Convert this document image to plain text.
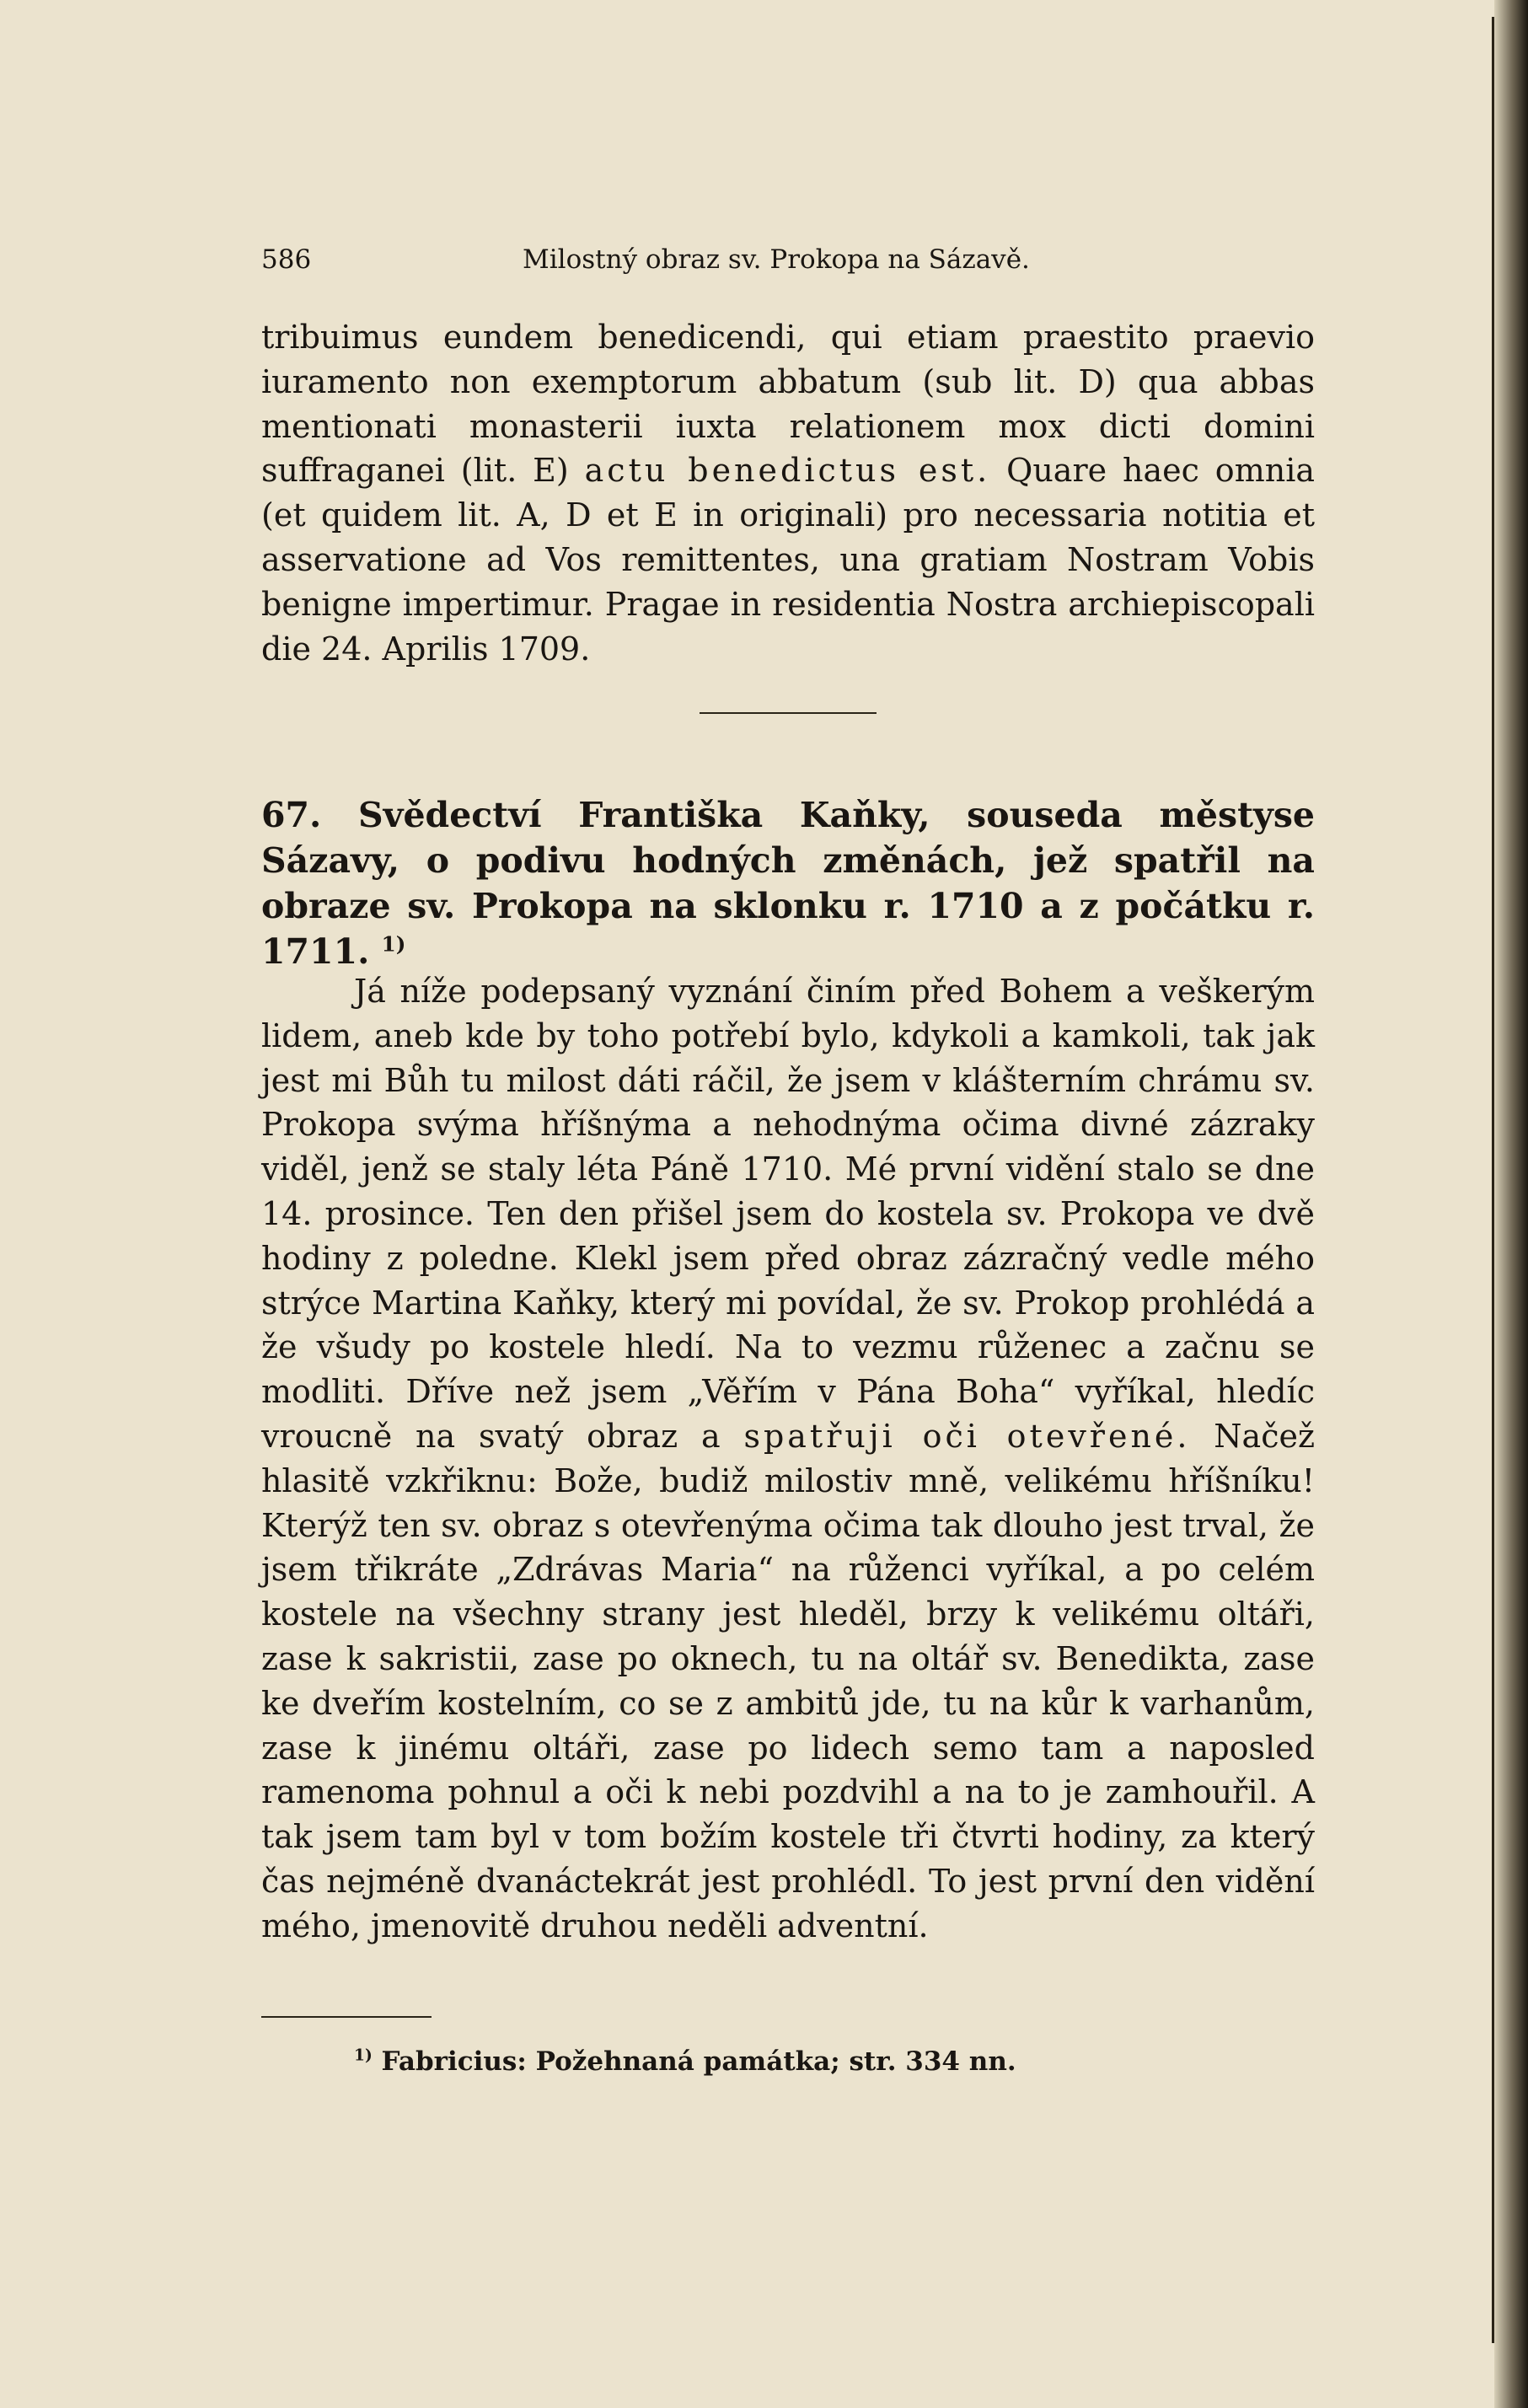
586	Milostný obraz sv. Prokopa na Sázavě.

tribuimus eundem benedicendi, qui etiam praestito praevio iuramento non exemptorum abbatum (sub lit. D) qua abbas mentionati monasterii iuxta relationem mox dicti domini suffraganei (lit. E) actu benedictus est. Quare haec omnia (et quidem lit. A, D et E in originali) pro necessaria notitia et asservatione ad Vos remittentes, una gratiam Nostram Vobis benigne impertimur. Pragae in residentia Nostra archiepiscopali die 24. Aprilis 1709.

67. Svědectví Františka Kaňky, souseda městyse Sázavy, o podivu hodných změnách, jež spatřil na obraze sv. Prokopa na sklonku r. 1710 a z počátku r. 1711. $^{1)}$

Já níže podepsaný vyznání činím před Bohem a veškerým lidem, aneb kde by toho potřebí bylo, kdykoli a kamkoli, tak jak jest mi Bůh tu milost dáti ráčil, že jsem v klášterním chrámu sv. Prokopa svýma hříšnýma a nehodnýma očima divné zázraky viděl, jenž se staly léta Páně 1710. Mé první vidění stalo se dne 14. prosince. Ten den přišel jsem do kostela sv. Prokopa ve dvě hodiny z poledne. Klekl jsem před obraz zázračný vedle mého strýce Martina Kaňky, který mi povídal, že sv. Prokop prohlédá a že všudy po kostele hledí. Na to vezmu růženec a začnu se modliti. Dříve než jsem „Věřím v Pána Boha“ vyříkal, hledíc vroucně na svatý obraz a spatřuji oči otevřené. Načež hlasitě vzkřiknu: Bože, budiž milostiv mně, velikému hříšníku! Kterýž ten sv. obraz s otevřenýma očima tak dlouho jest trval, že jsem třikráte „Zdrávas Maria“ na růženci vyříkal, a po celém kostele na všechny strany jest hleděl, brzy k velikému oltáři, zase k sakristii, zase po oknech, tu na oltář sv. Benedikta, zase ke dveřím kostelním, co se z ambitů jde, tu na kůr k varhanům, zase k jinému oltáři, zase po lidech semo tam a naposled ramenoma pohnul a oči k nebi pozdvihl a na to je zamhouřil. A tak jsem tam byl v tom božím kostele tři čtvrti hodiny, za který čas nejméně dvanáctekrát jest prohlédl. To jest první den vidění mého, jmenovitě druhou neděli adventní.

$^{1)}$ Fabricius: Požehnaná památka; str. 334 nn.
